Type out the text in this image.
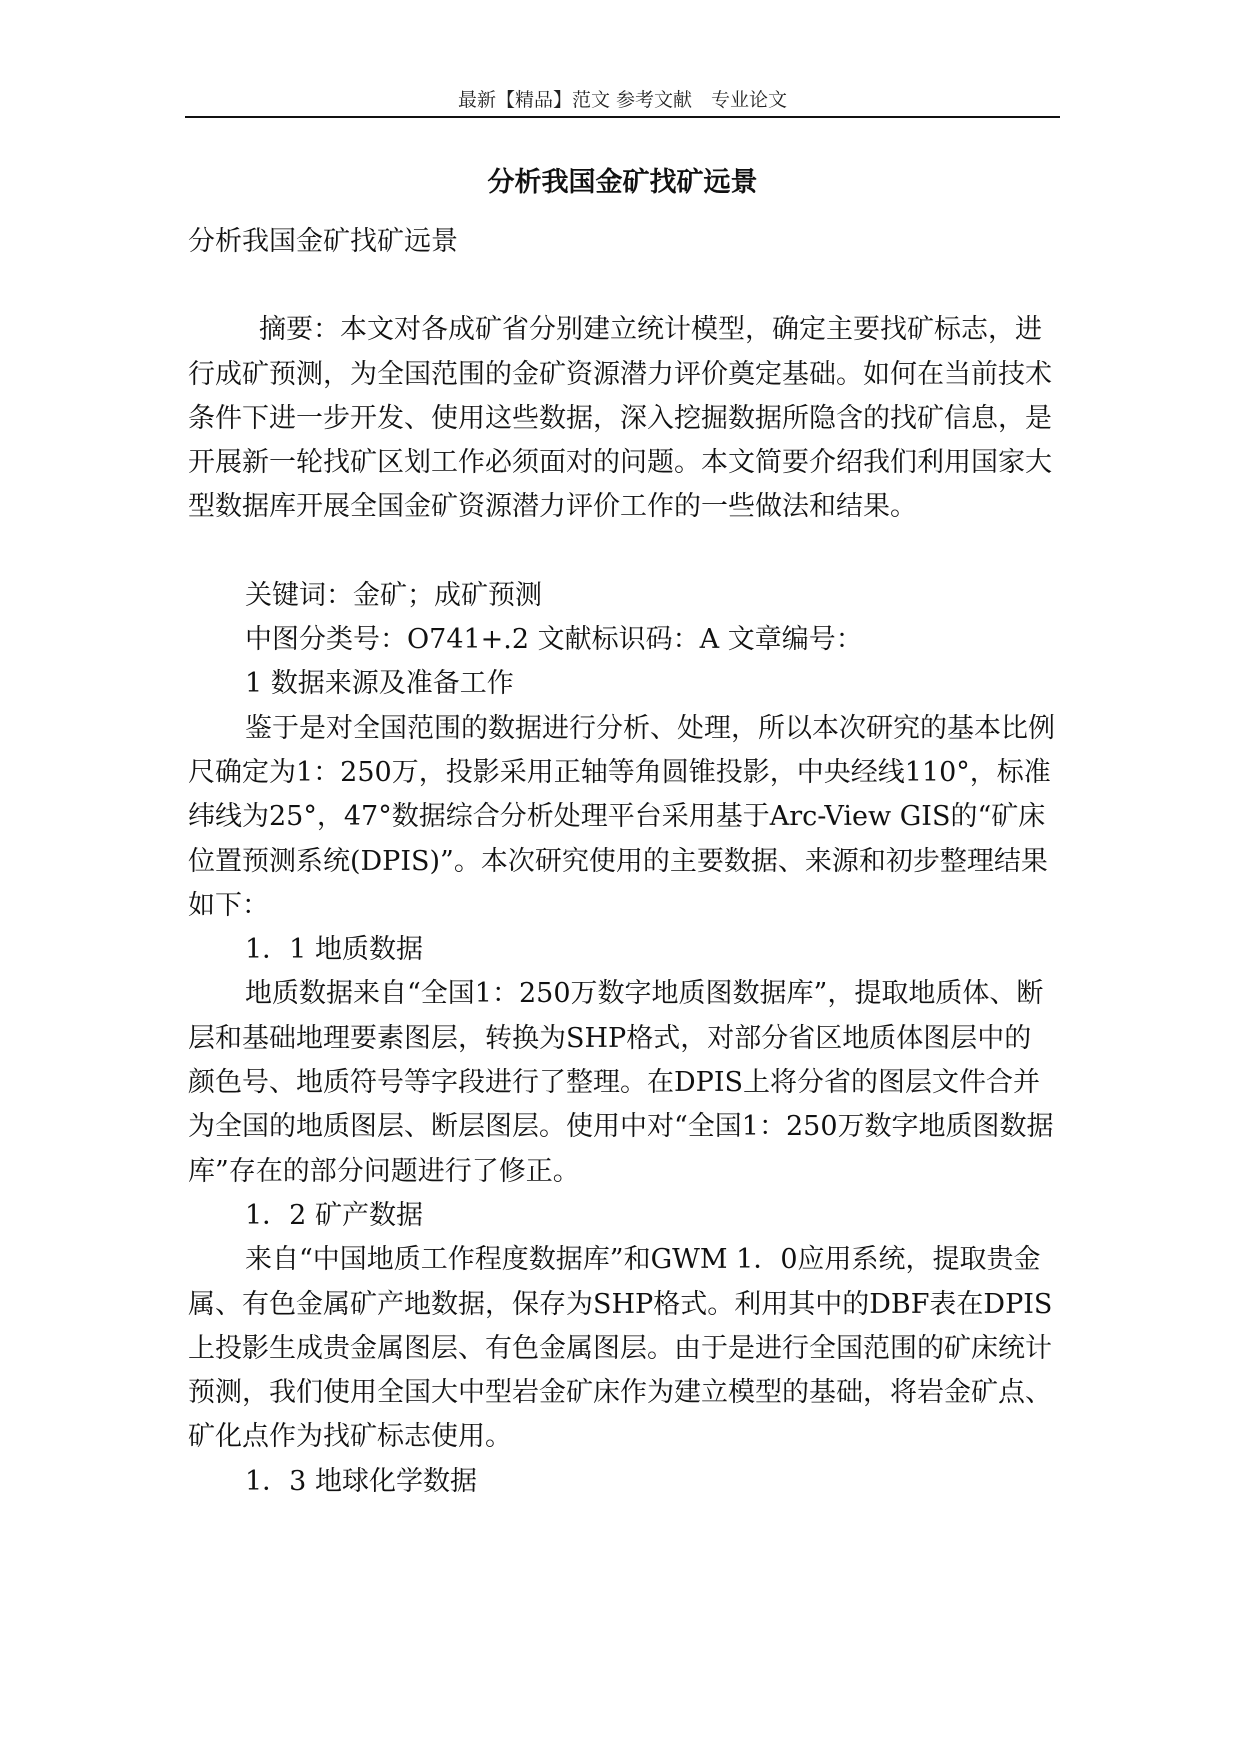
最新【精品】范文 参考文献　专业论文
分析我国金矿找矿远景

分析我国金矿找矿远景

摘要：本文对各成矿省分别建立统计模型，确定主要找矿标志，进行成矿预测，为全国范围的金矿资源潜力评价奠定基础。如何在当前技术条件下进一步开发、使用这些数据，深入挖掘数据所隐含的找矿信息，是开展新一轮找矿区划工作必须面对的问题。本文简要介绍我们利用国家大型数据库开展全国金矿资源潜力评价工作的一些做法和结果。

关键词：金矿；成矿预测

中图分类号：O741+.2 文献标识码：A 文章编号：

1 数据来源及准备工作

鉴于是对全国范围的数据进行分析、处理，所以本次研究的基本比例尺确定为1：250万，投影采用正轴等角圆锥投影，中央经线110°，标准纬线为25°，47°数据综合分析处理平台采用基于Arc-View GIS的“矿床位置预测系统(DPIS)”。本次研究使用的主要数据、来源和初步整理结果如下：

1．1 地质数据

地质数据来自“全国1：250万数字地质图数据库”，提取地质体、断层和基础地理要素图层，转换为SHP格式，对部分省区地质体图层中的颜色号、地质符号等字段进行了整理。在DPIS上将分省的图层文件合并为全国的地质图层、断层图层。使用中对“全国1：250万数字地质图数据库”存在的部分问题进行了修正。

1．2 矿产数据

来自“中国地质工作程度数据库”和GWM 1．0应用系统，提取贵金属、有色金属矿产地数据，保存为SHP格式。利用其中的DBF表在DPIS上投影生成贵金属图层、有色金属图层。由于是进行全国范围的矿床统计预测，我们使用全国大中型岩金矿床作为建立模型的基础，将岩金矿点、矿化点作为找矿标志使用。

1．3 地球化学数据
